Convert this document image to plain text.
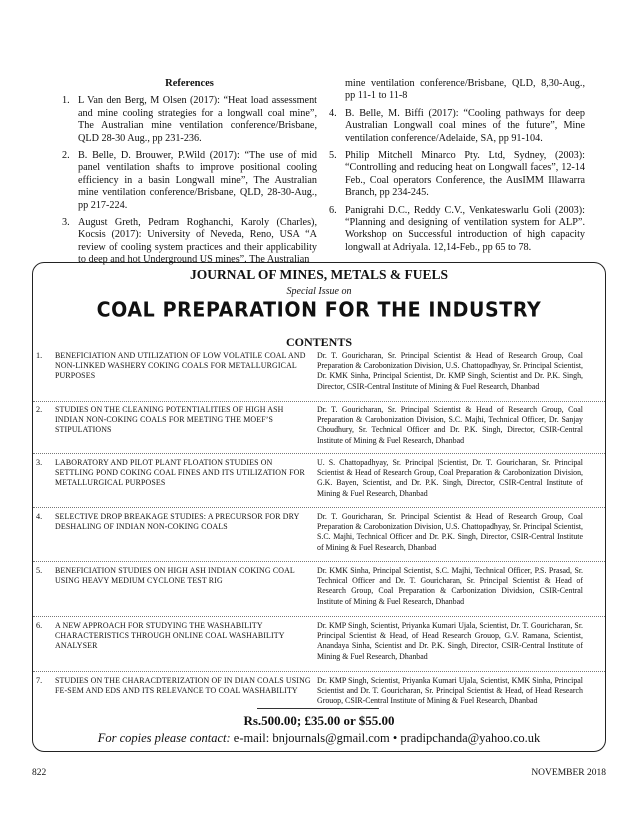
References
1. L Van den Berg, M Olsen (2017): “Heat load assessment and mine cooling strategies for a longwall coal mine”, The Australian mine ventilation conference/Brisbane, QLD 28-30 Aug., pp 231-236.
2. B. Belle, D. Brouwer, P.Wild (2017): “The use of mid panel ventilation shafts to improve positional cooling efficiency in a basin Longwall mine”, The Australian mine ventilation conference/Brisbane, QLD, 28-30-Aug., pp 217-224.
3. August Greth, Pedram Roghanchi, Karoly (Charles), Kocsis (2017): University of Neveda, Reno, USA “A review of cooling system practices and their applicability to deep and hot Underground US mines”. The Australian
mine ventilation conference/Brisbane, QLD, 8,30-Aug., pp 11-1 to 11-8
4. B. Belle, M. Biffi (2017): “Cooling pathways for deep Australian Longwall coal mines of the future”, Mine ventilation conference/Adelaide, SA, pp 91-104.
5. Philip Mitchell Minarco Pty. Ltd, Sydney, (2003): “Controlling and reducing heat on Longwall faces”, 12-14 Feb., Coal operators Conference, the AusIMM Illawarra Branch, pp 234-245.
6. Panigrahi D.C., Reddy C.V., Venkateswarlu Goli (2003): “Planning and designing of ventilation system for ALP”. Workshop on Successful introduction of high capacity longwall at Adriyala. 12,14-Feb., pp 65 to 78.
JOURNAL OF MINES, METALS & FUELS
Special Issue on
COAL PREPARATION FOR THE INDUSTRY
CONTENTS
1. BENEFICIATION AND UTILIZATION OF LOW VOLATILE COAL AND NON-LINKED WASHERY COKING COALS FOR METALLURGICAL PURPOSES
Dr. T. Gouricharan, Sr. Principal Scientist & Head of Research Group, Coal Preparation & Carobonization Division, U.S. Chattopadhyay, Sr. Principal Scientist, Dr. KMK Sinha, Principal Scientist, Dr. KMP Singh, Scientist and Dr. P.K. Singh, Director, CSIR-Central Institute of Mining & Fuel Research, Dhanbad
2. STUDIES ON THE CLEANING POTENTIALITIES OF HIGH ASH INDIAN NON-COKING COALS FOR MEETING THE MOEF’S STIPULATIONS
Dr. T. Gouricharan, Sr. Principal Scientist & Head of Research Group, Coal Preparation & Carobonization Division, S.C. Majhi, Technical Officer, Dr. Sanjay Choudhury, Sr. Technical Officer and Dr. P.K. Singh, Director, CSIR-Central Institute of Mining & Fuel Research, Dhanbad
3. LABORATORY AND PILOT PLANT FLOATION STUDIES ON SETTLING POND COKING COAL FINES AND ITS UTILIZATION FOR METALLURGICAL PURPOSES
U. S. Chattopadhyay, Sr. Principal |Scientist, Dr. T. Gouricharan, Sr. Principal Scientist & Head of Research Group, Coal Preparation & Carobonization Division, G.K. Bayen, Scientist, and Dr. P.K. Singh, Director, CSIR-Central Institute of Mining & Fuel Research, Dhanbad
4. SELECTIVE DROP BREAKAGE STUDIES: A PRECURSOR FOR DRY DESHALING OF INDIAN NON-COKING COALS
Dr. T. Gouricharan, Sr. Principal Scientist & Head of Research Group, Coal Preparation & Carobonization Division, U.S. Chattopadhyay, Sr. Principal Scientist, S.C. Majhi, Technical Officer and Dr. P.K. Singh, Director, CSIR-Central Institute of Mining & Fuel Research, Dhanbad
5. BENEFICIATION STUDIES ON HIGH ASH INDIAN COKING COAL USING HEAVY MEDIUM CYCLONE TEST RIG
Dr. KMK Sinha, Principal Scientist, S.C. Majhi, Technical Officer, P.S. Prasad, Sr. Technical Officer and Dr. T. Gouricharan, Sr. Principal Scientist & Head of Research Group, Coal Preparation & Carbonization Dividsion, CSIR-Central Institute of Mining & Fuel Research, Dhanbad
6. A NEW APPROACH FOR STUDYING THE WASHABILITY CHARACTERISTICS THROUGH ONLINE COAL WASHABILITY ANALYSER
Dr. KMP Singh, Scientist, Priyanka Kumari Ujala, Scientist, Dr. T. Gouricharan, Sr. Principal Scientist & Head, of Head Research Grouop, G.V. Ramana, Scientist, Anandaya Sinha, Scientist and Dr. P.K. Singh, Director, CSIR-Central Institute of Mining & Fuel Research, Dhanbad
7. STUDIES ON THE CHARACDTERIZATION OF IN DIAN COALS USING FE-SEM AND EDS AND ITS RELEVANCE TO COAL WASHABILITY
Dr. KMP Singh, Scientist, Priyanka Kumari Ujala, Scientist, KMK Sinha, Principal Scientist and Dr. T. Gouricharan, Sr. Principal Scientist & Head, of Head Research Grouop, CSIR-Central Institute of Mining & Fuel Research, Dhanbad
Rs.500.00; £35.00 or $55.00
For copies please contact: e-mail: bnjournals@gmail.com • pradipchanda@yahoo.co.uk
822	NOVEMBER 2018
